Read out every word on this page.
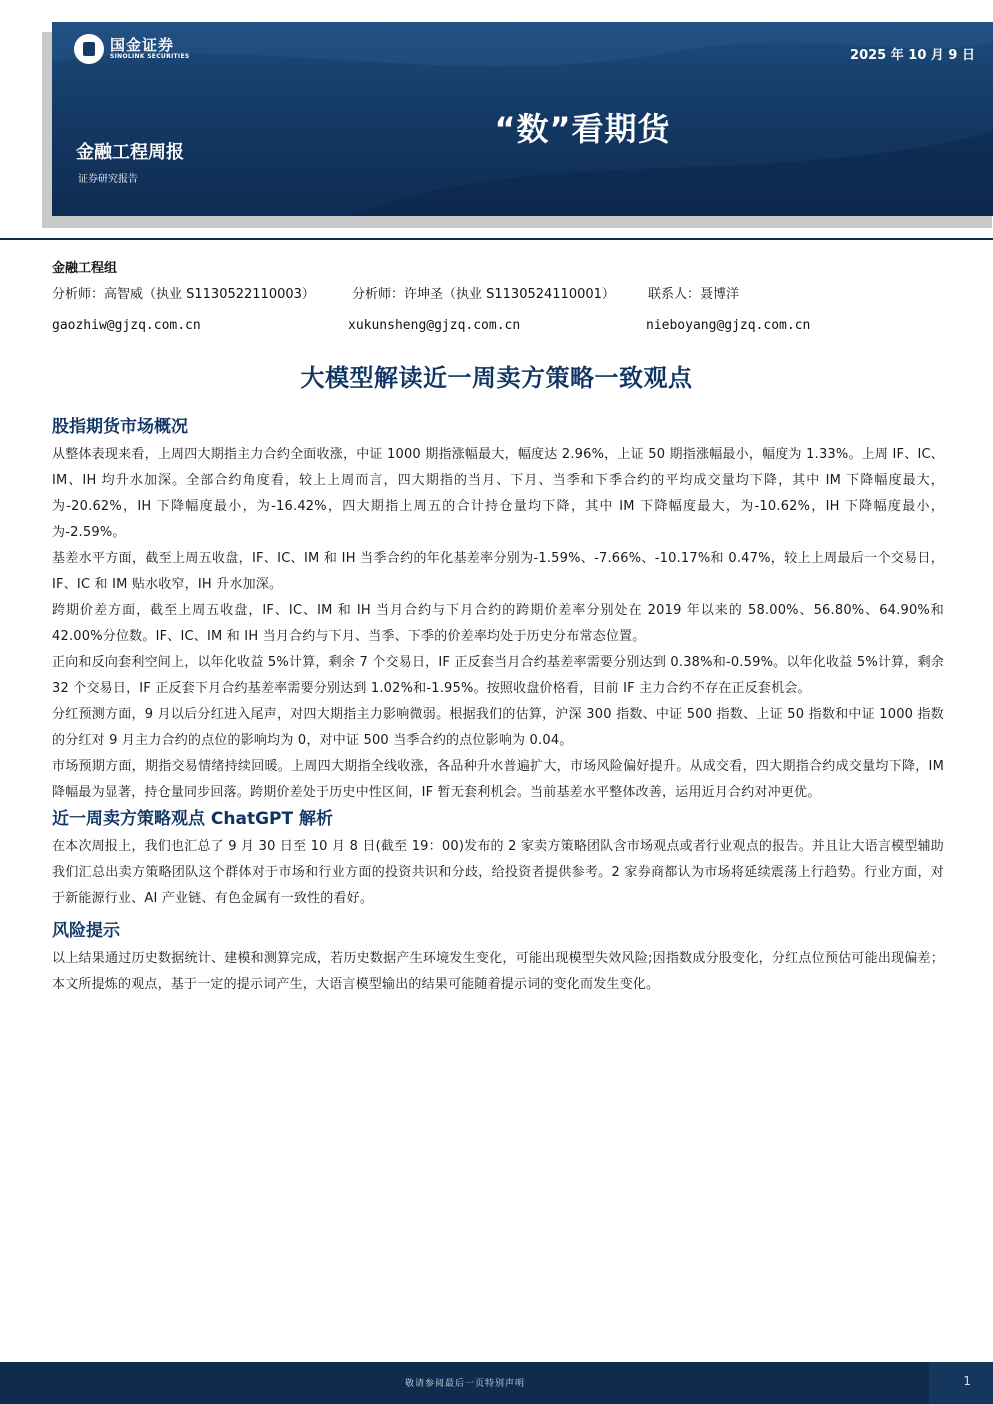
国金证券
SINOLINK SECURITIES	2025 年 10 月 9 日
“数”看期货
金融工程周报
证券研究报告
金融工程组
分析师：高智威（执业 S1130522110003）	分析师：许坤圣（执业 S1130524110001）	联系人：聂博洋
gaozhiw@gjzq.com.cn	xukunsheng@gjzq.com.cn	nieboyang@gjzq.com.cn
大模型解读近一周卖方策略一致观点
股指期货市场概况

从整体表现来看，上周四大期指主力合约全面收涨，中证 1000 期指涨幅最大，幅度达 2.96%，上证 50 期指涨幅最小，幅度为 1.33%。上周 IF、IC、IM、IH 均升水加深。全部合约角度看，较上上周而言，四大期指的当月、下月、当季和下季合约的平均成交量均下降，其中 IM 下降幅度最大，为-20.62%，IH 下降幅度最小，为-16.42%，四大期指上周五的合计持仓量均下降，其中 IM 下降幅度最大，为-10.62%，IH 下降幅度最小，为-2.59%。

基差水平方面，截至上周五收盘，IF、IC、IM 和 IH 当季合约的年化基差率分别为-1.59%、-7.66%、-10.17%和 0.47%，较上上周最后一个交易日，IF、IC 和 IM 贴水收窄，IH 升水加深。

跨期价差方面，截至上周五收盘，IF、IC、IM 和 IH 当月合约与下月合约的跨期价差率分别处在 2019 年以来的 58.00%、56.80%、64.90%和 42.00%分位数。IF、IC、IM 和 IH 当月合约与下月、当季、下季的价差率均处于历史分布常态位置。

正向和反向套利空间上，以年化收益 5%计算，剩余 7 个交易日，IF 正反套当月合约基差率需要分别达到 0.38%和-0.59%。以年化收益 5%计算，剩余 32 个交易日，IF 正反套下月合约基差率需要分别达到 1.02%和-1.95%。按照收盘价格看，目前 IF 主力合约不存在正反套机会。

分红预测方面，9 月以后分红进入尾声，对四大期指主力影响微弱。根据我们的估算，沪深 300 指数、中证 500 指数、上证 50 指数和中证 1000 指数的分红对 9 月主力合约的点位的影响均为 0，对中证 500 当季合约的点位影响为 0.04。

市场预期方面，期指交易情绪持续回暖。上周四大期指全线收涨，各品种升水普遍扩大，市场风险偏好提升。从成交看，四大期指合约成交量均下降，IM 降幅最为显著，持仓量同步回落。跨期价差处于历史中性区间，IF 暂无套利机会。当前基差水平整体改善，运用近月合约对冲更优。

近一周卖方策略观点 ChatGPT 解析

在本次周报上，我们也汇总了 9 月 30 日至 10 月 8 日(截至 19：00)发布的 2 家卖方策略团队含市场观点或者行业观点的报告。并且让大语言模型辅助我们汇总出卖方策略团队这个群体对于市场和行业方面的投资共识和分歧，给投资者提供参考。2 家券商都认为市场将延续震荡上行趋势。行业方面，对于新能源行业、AI 产业链、有色金属有一致性的看好。

风险提示

以上结果通过历史数据统计、建模和测算完成，若历史数据产生环境发生变化，可能出现模型失效风险;因指数成分股变化，分红点位预估可能出现偏差；本文所提炼的观点，基于一定的提示词产生，大语言模型输出的结果可能随着提示词的变化而发生变化。

敬请参阅最后一页特别声明	1
